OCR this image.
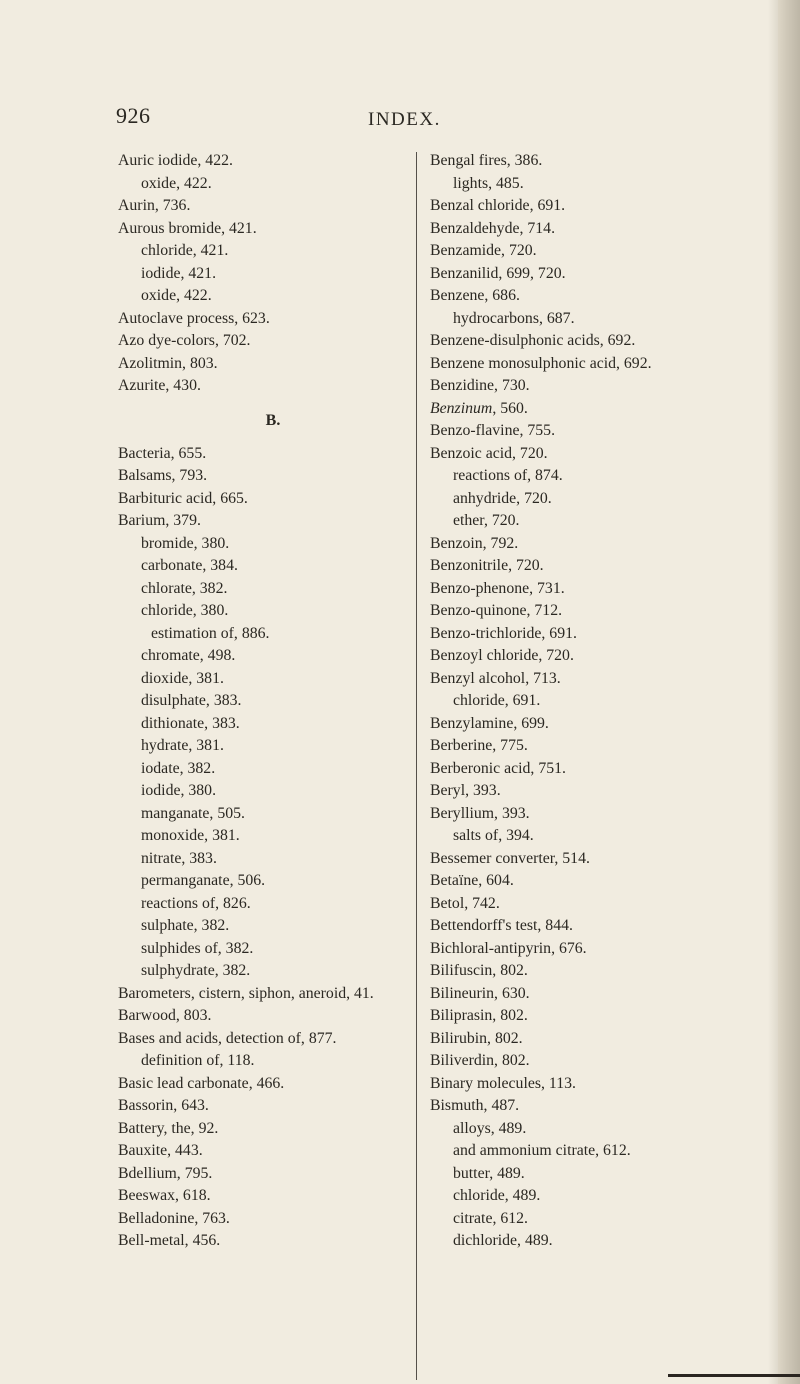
926	INDEX.
Auric iodide, 422.
oxide, 422.
Aurin, 736.
Aurous bromide, 421.
chloride, 421.
iodide, 421.
oxide, 422.
Autoclave process, 623.
Azo dye-colors, 702.
Azolitmin, 803.
Azurite, 430.
B.
Bacteria, 655.
Balsams, 793.
Barbituric acid, 665.
Barium, 379.
bromide, 380.
carbonate, 384.
chlorate, 382.
chloride, 380.
estimation of, 886.
chromate, 498.
dioxide, 381.
disulphate, 383.
dithionate, 383.
hydrate, 381.
iodate, 382.
iodide, 380.
manganate, 505.
monoxide, 381.
nitrate, 383.
permanganate, 506.
reactions of, 826.
sulphate, 382.
sulphides of, 382.
sulphydrate, 382.
Barometers, cistern, siphon, aneroid, 41.
Barwood, 803.
Bases and acids, detection of, 877.
definition of, 118.
Basic lead carbonate, 466.
Bassorin, 643.
Battery, the, 92.
Bauxite, 443.
Bdellium, 795.
Beeswax, 618.
Belladonine, 763.
Bell-metal, 456.
Bengal fires, 386.
lights, 485.
Benzal chloride, 691.
Benzaldehyde, 714.
Benzamide, 720.
Benzanilid, 699, 720.
Benzene, 686.
hydrocarbons, 687.
Benzene-disulphonic acids, 692.
Benzene monosulphonic acid, 692.
Benzidine, 730.
Benzinum, 560.
Benzo-flavine, 755.
Benzoic acid, 720.
reactions of, 874.
anhydride, 720.
ether, 720.
Benzoin, 792.
Benzonitrile, 720.
Benzo-phenone, 731.
Benzo-quinone, 712.
Benzo-trichloride, 691.
Benzoyl chloride, 720.
Benzyl alcohol, 713.
chloride, 691.
Benzylamine, 699.
Berberine, 775.
Berberonic acid, 751.
Beryl, 393.
Beryllium, 393.
salts of, 394.
Bessemer converter, 514.
Betaïne, 604.
Betol, 742.
Bettendorff's test, 844.
Bichloral-antipyrin, 676.
Bilifuscin, 802.
Bilineurin, 630.
Biliprasin, 802.
Bilirubin, 802.
Biliverdin, 802.
Binary molecules, 113.
Bismuth, 487.
alloys, 489.
and ammonium citrate, 612.
butter, 489.
chloride, 489.
citrate, 612.
dichloride, 489.
